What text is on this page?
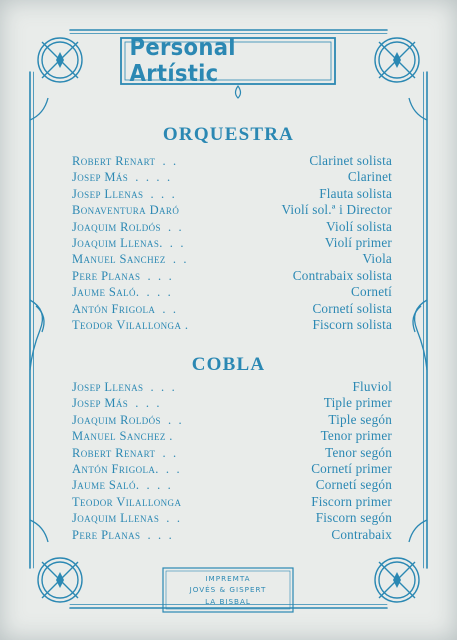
Personal Artístic
ORQUESTRA
Robert Renart  .  .	Clarinet solista
Josep Más  .  .  .  .	Clarinet
Josep Llenas  .  .  .	Flauta solista
Bonaventura Daró	Violí sol.ª i Director
Joaquim Roldós  .  .	Violí solista
Joaquim Llenas.  .  .	Violí primer
Manuel Sanchez  .  .	Viola
Pere Planas  .  .  .	Contrabaix solista
Jaume Saló.  .  .  .	Cornetí
Antón Frigola  .  .	Cornetí solista
Teodor Vilallonga .	Fiscorn solista
COBLA
Josep Llenas  .  .  .	Fluviol
Josep Más  .  .  .	Tiple primer
Joaquim Roldós  .  .	Tiple segón
Manuel Sanchez .	Tenor primer
Robert Renart  .  .	Tenor segón
Antón Frigola.  .  .	Cornetí primer
Jaume Saló.  .  .  .	Cornetí segón
Teodor Vilallonga	Fiscorn primer
Joaquim Llenas  .  .	Fiscorn segón
Pere Planas  .  .  .	Contrabaix
IMPREMTA
JOVÉS & GISPERT
LA BISBAL
